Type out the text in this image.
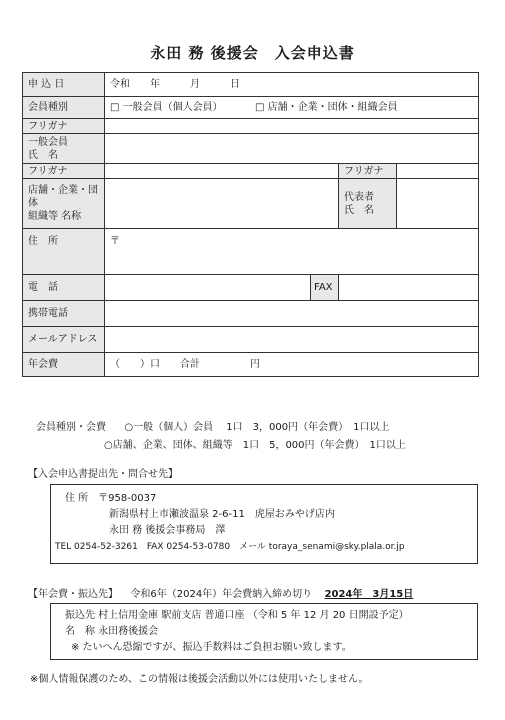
永田 務 後援会　入会申込書
申 込 日	令和　　年　　　月　　　日			
会員種別	□ 一般会員（個人会員） □ 店舗・企業・団体・組織会員			
フリガナ				
一般会員
氏　名				
フリガナ			フリガナ	
店舗・企業・団
体
組織等 名称			代表者
氏　名	
住　所	〒			
電　話		FAX		
携帯電話				
メールアドレス				
年会費	（　　）口　　合計　　　　　円			
会員種別・会費 ○一般（個人）会員　 1口　3，000円（年会費）　1口以上
○店舗、企業、団体、組織等　1口　5，000円（年会費）　1口以上
【入会申込書提出先・問合せ先】
住 所　〒958-0037
新潟県村上市瀬波温泉 2-6-11　虎屋おみやげ店内
永田 務 後援会事務局　澤
TEL 0254-52-3261　FAX 0254-53-0780　メール toraya_senami@sky.plala.or.jp
【年会費・振込先】 令和6年（2024年）年会費納入締め切り 2024年　3月15日
振込先 村上信用金庫 駅前支店 普通口座 （令和 5 年 12 月 20 日開設予定）
名　称 永田務後援会
※ たいへん恐縮ですが、振込手数料はご負担お願い致します。
※個人情報保護のため、この情報は後援会活動以外には使用いたしません。
